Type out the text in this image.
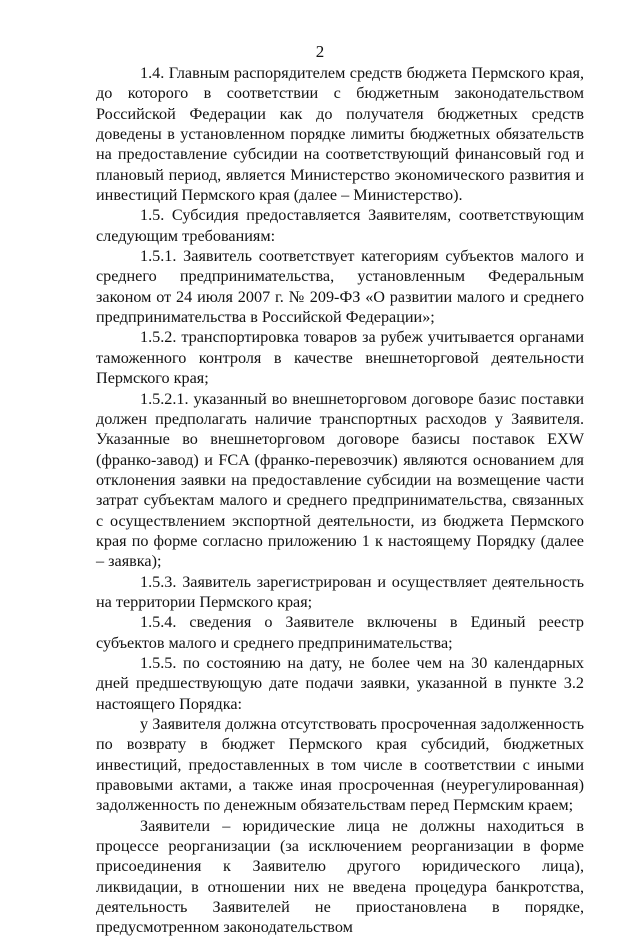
2

1.4. Главным распорядителем средств бюджета Пермского края, до которого в соответствии с бюджетным законодательством Российской Федерации как до получателя бюджетных средств доведены в установленном порядке лимиты бюджетных обязательств на предоставление субсидии на соответствующий финансовый год и плановый период, является Министерство экономического развития и инвестиций Пермского края (далее – Министерство).

1.5. Субсидия предоставляется Заявителям, соответствующим следующим требованиям:

1.5.1. Заявитель соответствует категориям субъектов малого и среднего предпринимательства, установленным Федеральным законом от 24 июля 2007 г. № 209-ФЗ «О развитии малого и среднего предпринимательства в Российской Федерации»;

1.5.2. транспортировка товаров за рубеж учитывается органами таможенного контроля в качестве внешнеторговой деятельности Пермского края;

1.5.2.1. указанный во внешнеторговом договоре базис поставки должен предполагать наличие транспортных расходов у Заявителя. Указанные во внешнеторговом договоре базисы поставок EXW (франко-завод) и FCA (франко-перевозчик) являются основанием для отклонения заявки на предоставление субсидии на возмещение части затрат субъектам малого и среднего предпринимательства, связанных с осуществлением экспортной деятельности, из бюджета Пермского края по форме согласно приложению 1 к настоящему Порядку (далее – заявка);

1.5.3. Заявитель зарегистрирован и осуществляет деятельность на территории Пермского края;

1.5.4. сведения о Заявителе включены в Единый реестр субъектов малого и среднего предпринимательства;

1.5.5. по состоянию на дату, не более чем на 30 календарных дней предшествующую дате подачи заявки, указанной в пункте 3.2 настоящего Порядка:

у Заявителя должна отсутствовать просроченная задолженность по возврату в бюджет Пермского края субсидий, бюджетных инвестиций, предоставленных в том числе в соответствии с иными правовыми актами, а также иная просроченная (неурегулированная) задолженность по денежным обязательствам перед Пермским краем;

Заявители – юридические лица не должны находиться в процессе реорганизации (за исключением реорганизации в форме присоединения к Заявителю другого юридического лица), ликвидации, в отношении них не введена процедура банкротства, деятельность Заявителей не приостановлена в порядке, предусмотренном законодательством
